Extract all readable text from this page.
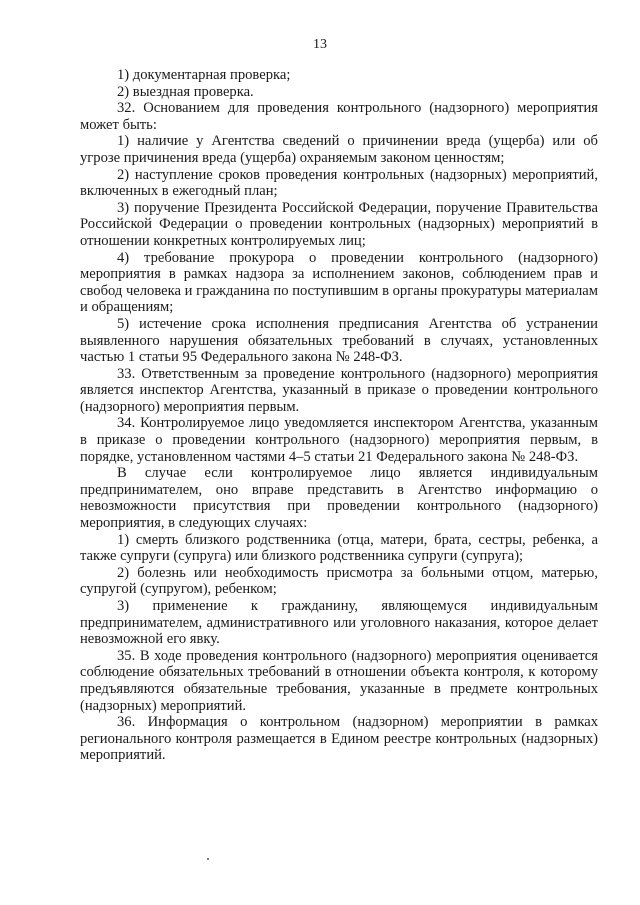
13

1) документарная проверка;

2) выездная проверка.

32. Основанием для проведения контрольного (надзорного) мероприятия может быть:

1) наличие у Агентства сведений о причинении вреда (ущерба) или об угрозе причинения вреда (ущерба) охраняемым законом ценностям;

2) наступление сроков проведения контрольных (надзорных) мероприятий, включенных в ежегодный план;

3) поручение Президента Российской Федерации, поручение Правительства Российской Федерации о проведении контрольных (надзорных) мероприятий в отношении конкретных контролируемых лиц;

4) требование прокурора о проведении контрольного (надзорного) мероприятия в рамках надзора за исполнением законов, соблюдением прав и свобод человека и гражданина по поступившим в органы прокуратуры материалам и обращениям;

5) истечение срока исполнения предписания Агентства об устранении выявленного нарушения обязательных требований в случаях, установленных частью 1 статьи 95 Федерального закона № 248-ФЗ.

33. Ответственным за проведение контрольного (надзорного) мероприятия является инспектор Агентства, указанный в приказе о проведении контрольного (надзорного) мероприятия первым.

34. Контролируемое лицо уведомляется инспектором Агентства, указанным в приказе о проведении контрольного (надзорного) мероприятия первым, в порядке, установленном частями 4–5 статьи 21 Федерального закона № 248-ФЗ.

В случае если контролируемое лицо является индивидуальным предпринимателем, оно вправе представить в Агентство информацию о невозможности присутствия при проведении контрольного (надзорного) мероприятия, в следующих случаях:

1) смерть близкого родственника (отца, матери, брата, сестры, ребенка, а также супруги (супруга) или близкого родственника супруги (супруга);

2) болезнь или необходимость присмотра за больными отцом, матерью, супругой (супругом), ребенком;

3) применение к гражданину, являющемуся индивидуальным предпринимателем, административного или уголовного наказания, которое делает невозможной его явку.

35. В ходе проведения контрольного (надзорного) мероприятия оценивается соблюдение обязательных требований в отношении объекта контроля, к которому предъявляются обязательные требования, указанные в предмете контрольных (надзорных) мероприятий.

36. Информация о контрольном (надзорном) мероприятии в рамках регионального контроля размещается в Едином реестре контрольных (надзорных) мероприятий.
